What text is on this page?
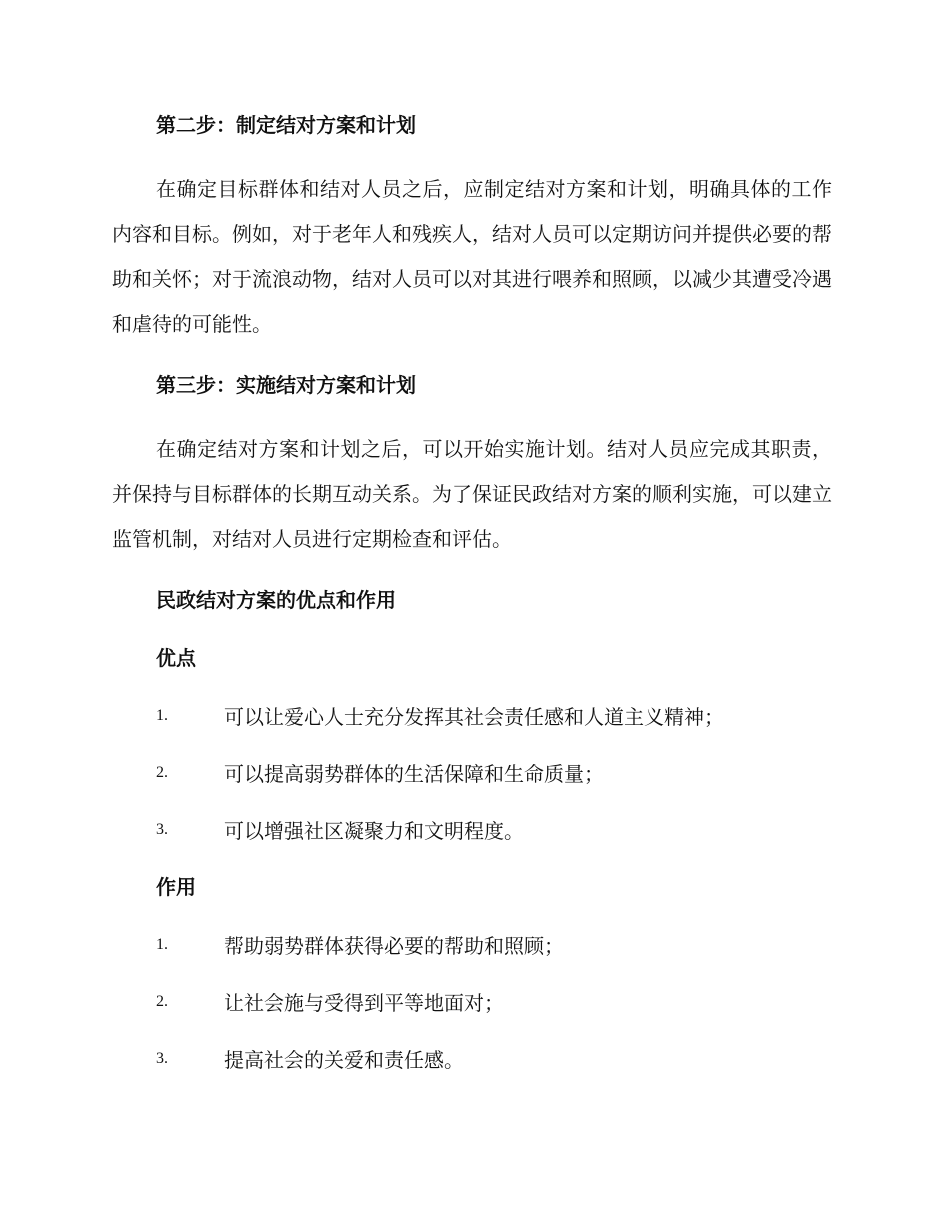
第二步：制定结对方案和计划

在确定目标群体和结对人员之后，应制定结对方案和计划，明确具体的工作内容和目标。例如，对于老年人和残疾人，结对人员可以定期访问并提供必要的帮助和关怀；对于流浪动物，结对人员可以对其进行喂养和照顾，以减少其遭受冷遇和虐待的可能性。

第三步：实施结对方案和计划

在确定结对方案和计划之后，可以开始实施计划。结对人员应完成其职责，并保持与目标群体的长期互动关系。为了保证民政结对方案的顺利实施，可以建立监管机制，对结对人员进行定期检查和评估。

民政结对方案的优点和作用
优点
1.	可以让爱心人士充分发挥其社会责任感和人道主义精神；
2.	可以提高弱势群体的生活保障和生命质量；
3.	可以增强社区凝聚力和文明程度。
作用
1.	帮助弱势群体获得必要的帮助和照顾；
2.	让社会施与受得到平等地面对；
3.	提高社会的关爱和责任感。
